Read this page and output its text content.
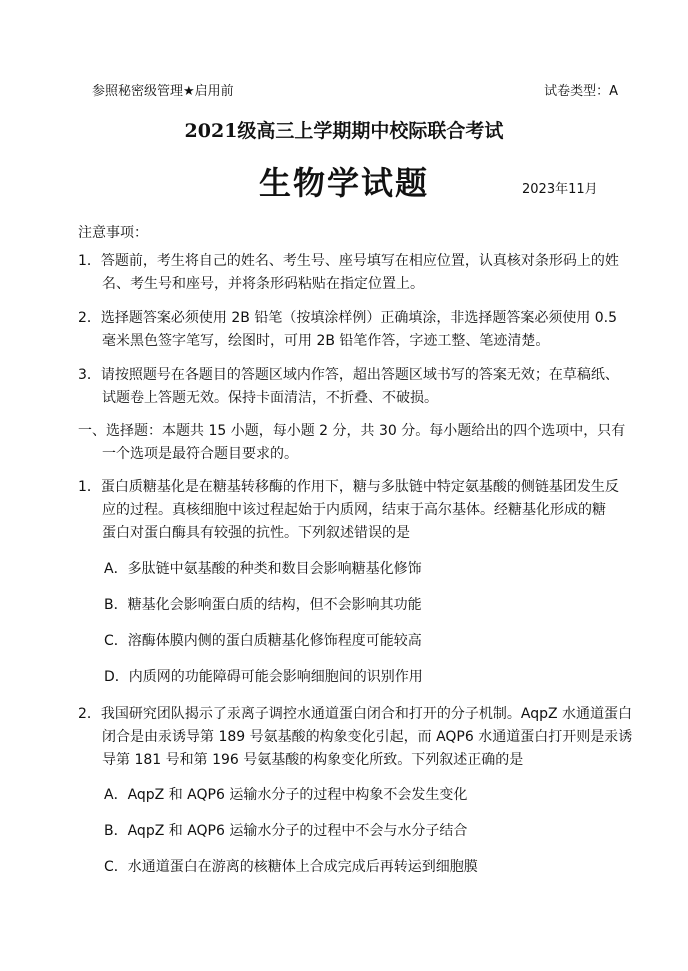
参照秘密级管理★启用前	试卷类型：A
2021级高三上学期期中校际联合考试
生物学试题	2023年11月
注意事项：
1．答题前，考生将自己的姓名、考生号、座号填写在相应位置，认真核对条形码上的姓
名、考生号和座号，并将条形码粘贴在指定位置上。
2．选择题答案必须使用 2B 铅笔（按填涂样例）正确填涂，非选择题答案必须使用 0.5
毫米黑色签字笔写，绘图时，可用 2B 铅笔作答，字迹工整、笔迹清楚。
3．请按照题号在各题目的答题区域内作答，超出答题区域书写的答案无效；在草稿纸、
试题卷上答题无效。保持卡面清洁，不折叠、不破损。
一、选择题：本题共 15 小题，每小题 2 分，共 30 分。每小题给出的四个选项中，只有
一个选项是最符合题目要求的。
1．蛋白质糖基化是在糖基转移酶的作用下，糖与多肽链中特定氨基酸的侧链基团发生反
应的过程。真核细胞中该过程起始于内质网，结束于高尔基体。经糖基化形成的糖
蛋白对蛋白酶具有较强的抗性。下列叙述错误的是
A．多肽链中氨基酸的种类和数目会影响糖基化修饰
B．糖基化会影响蛋白质的结构，但不会影响其功能
C．溶酶体膜内侧的蛋白质糖基化修饰程度可能较高
D．内质网的功能障碍可能会影响细胞间的识别作用
2．我国研究团队揭示了汞离子调控水通道蛋白闭合和打开的分子机制。AqpZ 水通道蛋白
闭合是由汞诱导第 189 号氨基酸的构象变化引起，而 AQP6 水通道蛋白打开则是汞诱
导第 181 号和第 196 号氨基酸的构象变化所致。下列叙述正确的是
A．AqpZ 和 AQP6 运输水分子的过程中构象不会发生变化
B．AqpZ 和 AQP6 运输水分子的过程中不会与水分子结合
C．水通道蛋白在游离的核糖体上合成完成后再转运到细胞膜
